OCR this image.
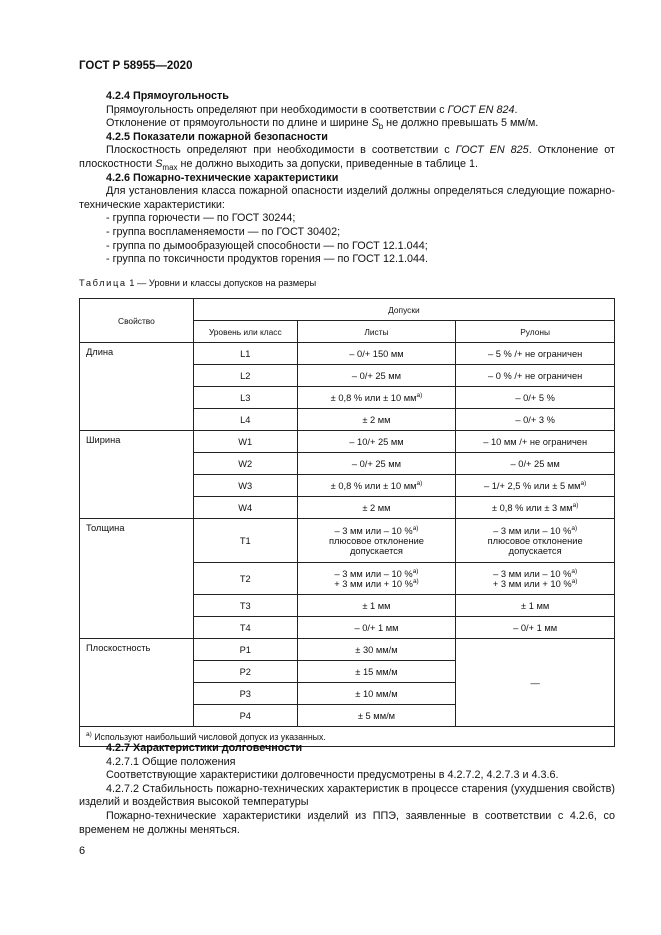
ГОСТ Р 58955—2020
4.2.4 Прямоугольность
Прямоугольность определяют при необходимости в соответствии с ГОСТ EN 824.
Отклонение от прямоугольности по длине и ширине $S_b$ не должно превышать 5 мм/м.
4.2.5 Показатели пожарной безопасности
Плоскостность определяют при необходимости в соответствии с ГОСТ EN 825. Отклонение от плоскостности $S_{max}$ не должно выходить за допуски, приведенные в таблице 1.
4.2.6 Пожарно-технические характеристики
Для установления класса пожарной опасности изделий должны определяться следующие пожарно-технические характеристики:
- группа горючести — по ГОСТ 30244;
- группа воспламеняемости — по ГОСТ 30402;
- группа по дымообразующей способности — по ГОСТ 12.1.044;
- группа по токсичности продуктов горения — по ГОСТ 12.1.044.
Таблица 1 — Уровни и классы допусков на размеры
Свойство	Допуски		
	Уровень или класс	Листы	Рулоны
Длина	L1	– 0/+ 150 мм	– 5 % /+ не ограничен
	L2	– 0/+ 25 мм	– 0 % /+ не ограничен
	L3	± 0,8 % или ± 10 $мм^{а)}$	– 0/+ 5 %
	L4	± 2 мм	– 0/+ 3 %
Ширина	W1	– 10/+ 25 мм	– 10 мм /+ не ограничен
	W2	– 0/+ 25 мм	– 0/+ 25 мм
	W3	± 0,8 % или ± 10 $мм^{а)}$	– 1/+ 2,5 % или ± 5 $мм^{а)}$
	W4	± 2 мм	± 0,8 % или ± 3 $мм^{а)}$
Толщина	T1	– 3 мм или – 10 %$^{а)}$
плюсовое отклонение
допускается	– 3 мм или – 10 %$^{а)}$
плюсовое отклонение
допускается
	T2	– 3 мм или – 10 %$^{а)}$
+ 3 мм или + 10 %$^{а)}$	– 3 мм или – 10 %$^{а)}$
+ 3 мм или + 10 %$^{а)}$
	T3	± 1 мм	± 1 мм
	T4	– 0/+ 1 мм	– 0/+ 1 мм
Плоскостность	P1	± 30 мм/м	—
	P2	± 15 мм/м	
	P3	± 10 мм/м	
	P4	± 5 мм/м	
$^{а)}$ Используют наибольший числовой допуск из указанных.			
4.2.7 Характеристики долговечности
4.2.7.1 Общие положения
Соответствующие характеристики долговечности предусмотрены в 4.2.7.2, 4.2.7.3 и 4.3.6.
4.2.7.2 Стабильность пожарно-технических характеристик в процессе старения (ухудшения свойств) изделий и воздействия высокой температуры
Пожарно-технические характеристики изделий из ППЭ, заявленные в соответствии с 4.2.6, со временем не должны меняться.
6
